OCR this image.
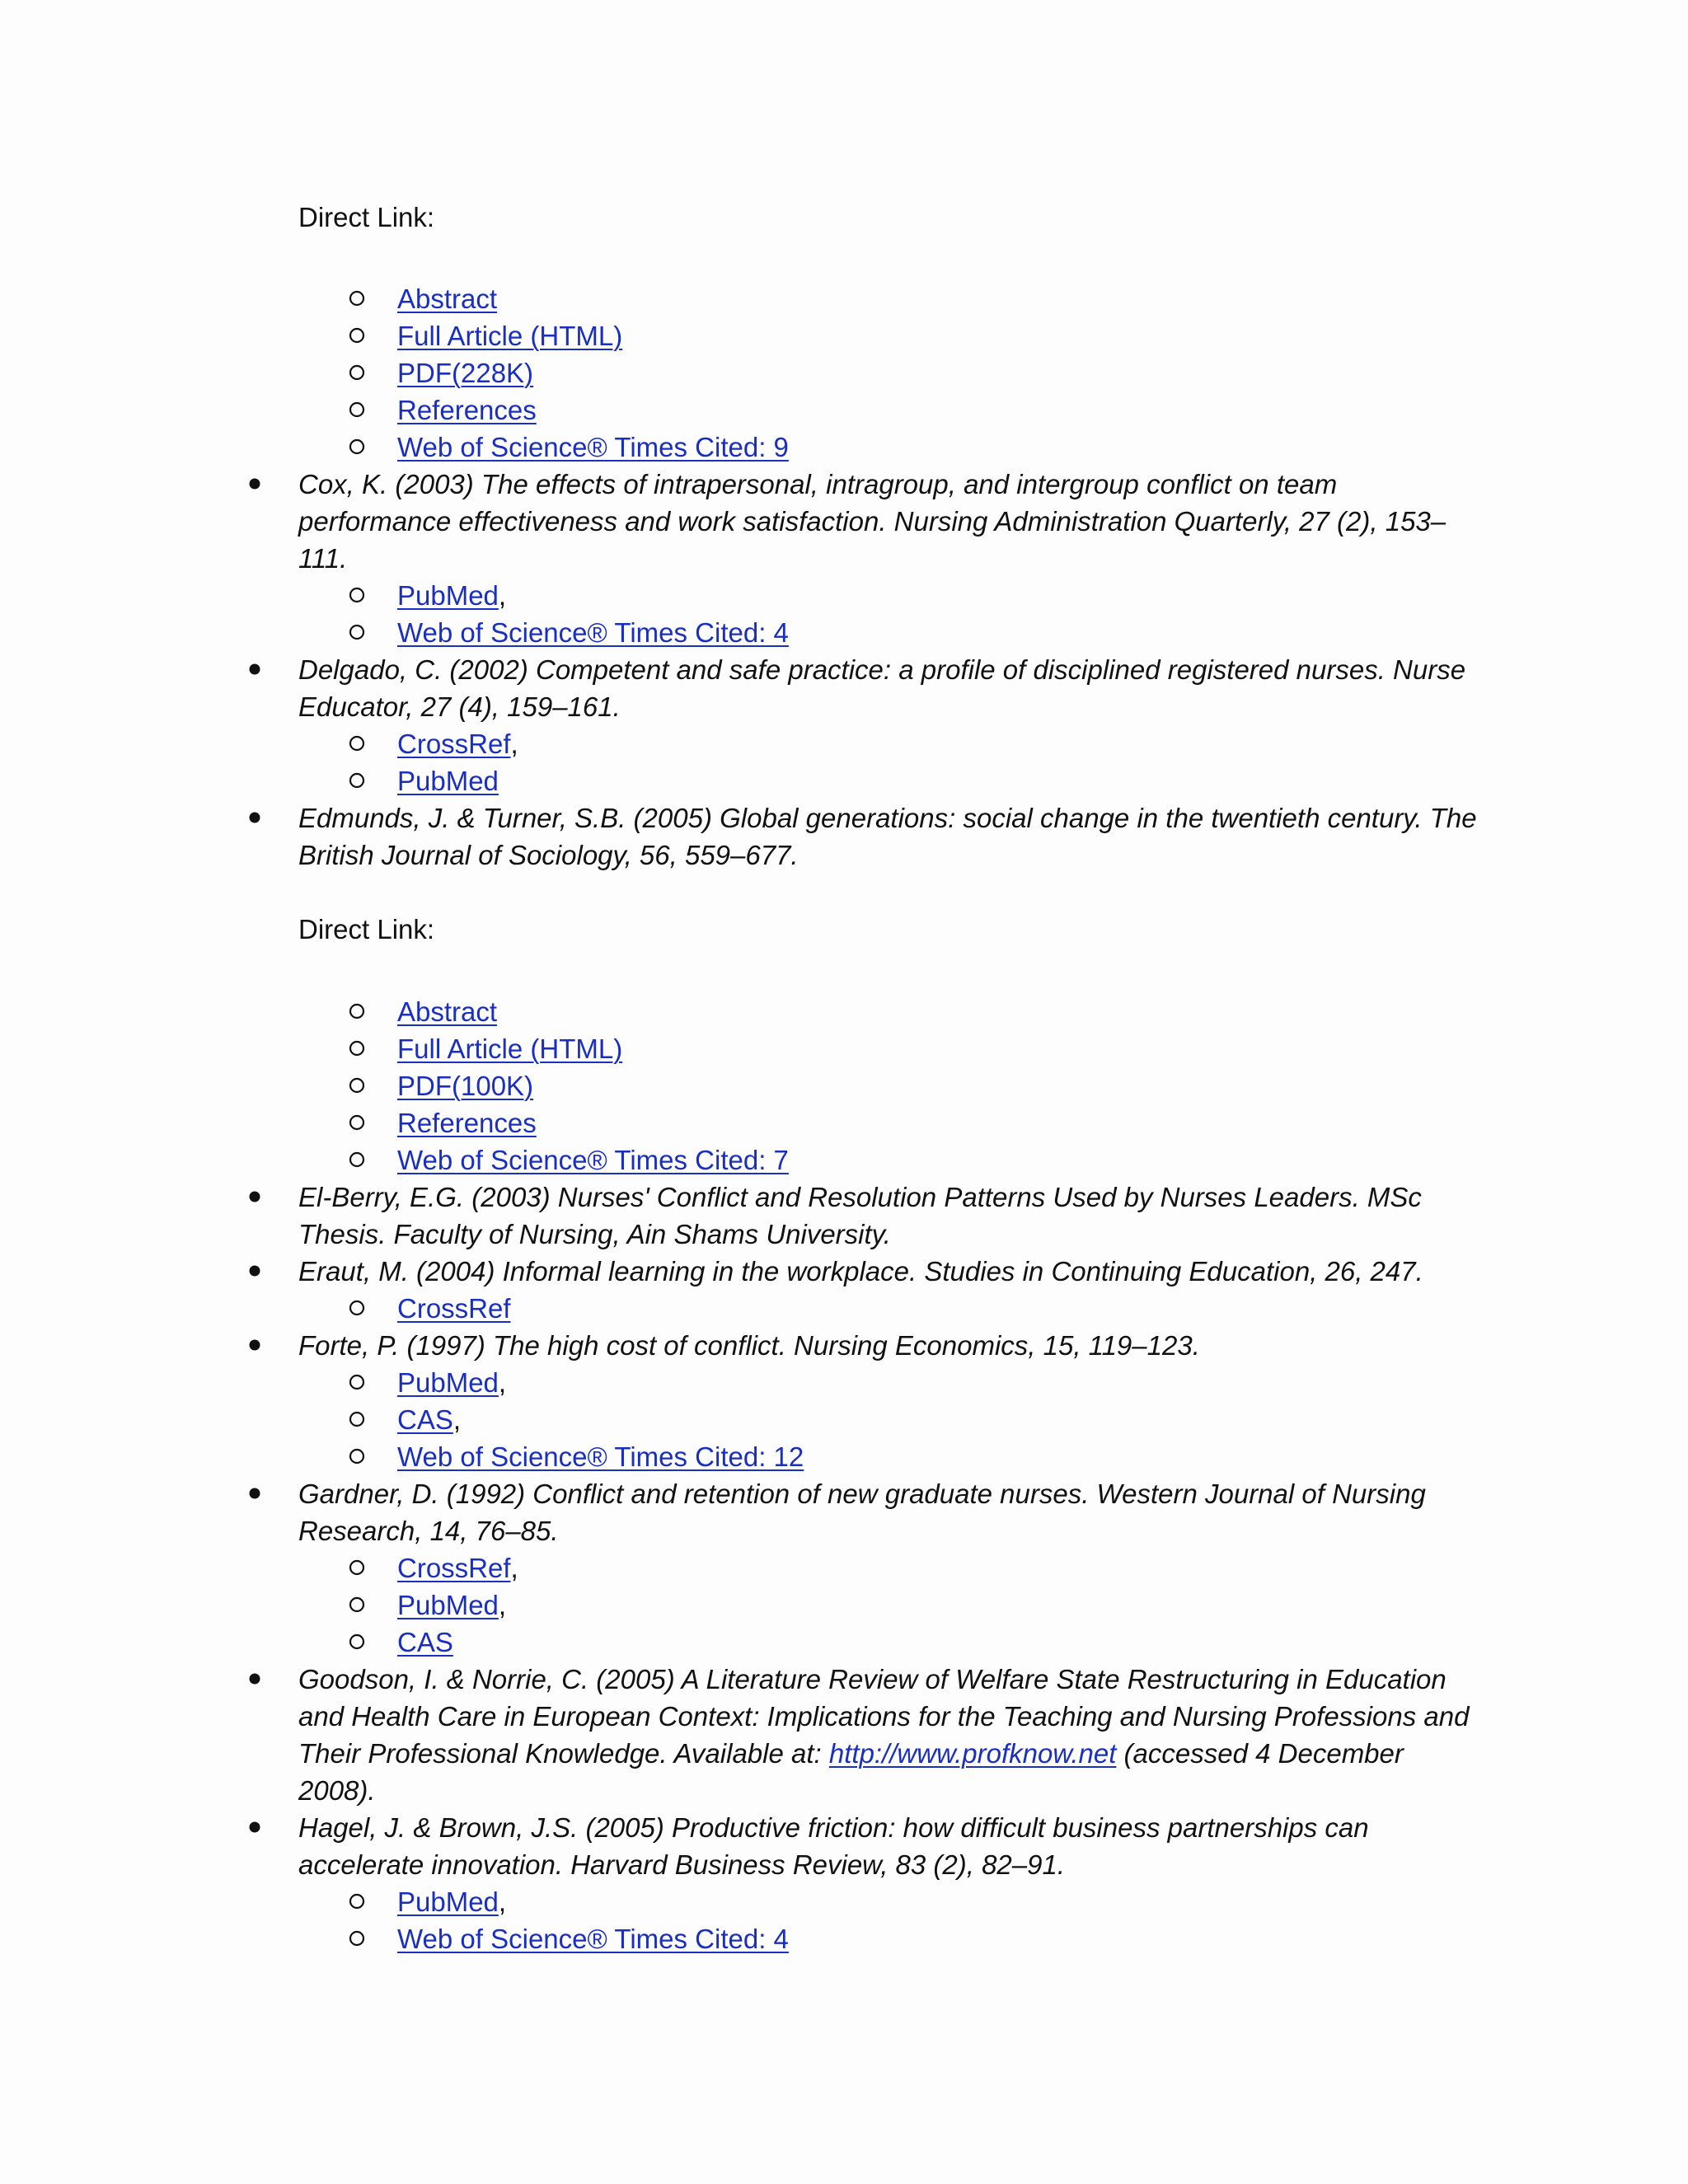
Direct Link:
Abstract
Full Article (HTML)
PDF(228K)
References
Web of Science® Times Cited: 9
Cox, K. (2003) The effects of intrapersonal, intragroup, and intergroup conflict on team
performance effectiveness and work satisfaction. Nursing Administration Quarterly, 27 (2), 153–
111.
PubMed,
Web of Science® Times Cited: 4
Delgado, C. (2002) Competent and safe practice: a profile of disciplined registered nurses. Nurse
Educator, 27 (4), 159–161.
CrossRef,
PubMed
Edmunds, J. & Turner, S.B. (2005) Global generations: social change in the twentieth century. The
British Journal of Sociology, 56, 559–677.
Direct Link:
Abstract
Full Article (HTML)
PDF(100K)
References
Web of Science® Times Cited: 7
El-Berry, E.G. (2003) Nurses' Conflict and Resolution Patterns Used by Nurses Leaders. MSc
Thesis. Faculty of Nursing, Ain Shams University.
Eraut, M. (2004) Informal learning in the workplace. Studies in Continuing Education, 26, 247.
CrossRef
Forte, P. (1997) The high cost of conflict. Nursing Economics, 15, 119–123.
PubMed,
CAS,
Web of Science® Times Cited: 12
Gardner, D. (1992) Conflict and retention of new graduate nurses. Western Journal of Nursing
Research, 14, 76–85.
CrossRef,
PubMed,
CAS
Goodson, I. & Norrie, C. (2005) A Literature Review of Welfare State Restructuring in Education
and Health Care in European Context: Implications for the Teaching and Nursing Professions and
Their Professional Knowledge. Available at: http://www.profknow.net (accessed 4 December
2008).
Hagel, J. & Brown, J.S. (2005) Productive friction: how difficult business partnerships can
accelerate innovation. Harvard Business Review, 83 (2), 82–91.
PubMed,
Web of Science® Times Cited: 4
